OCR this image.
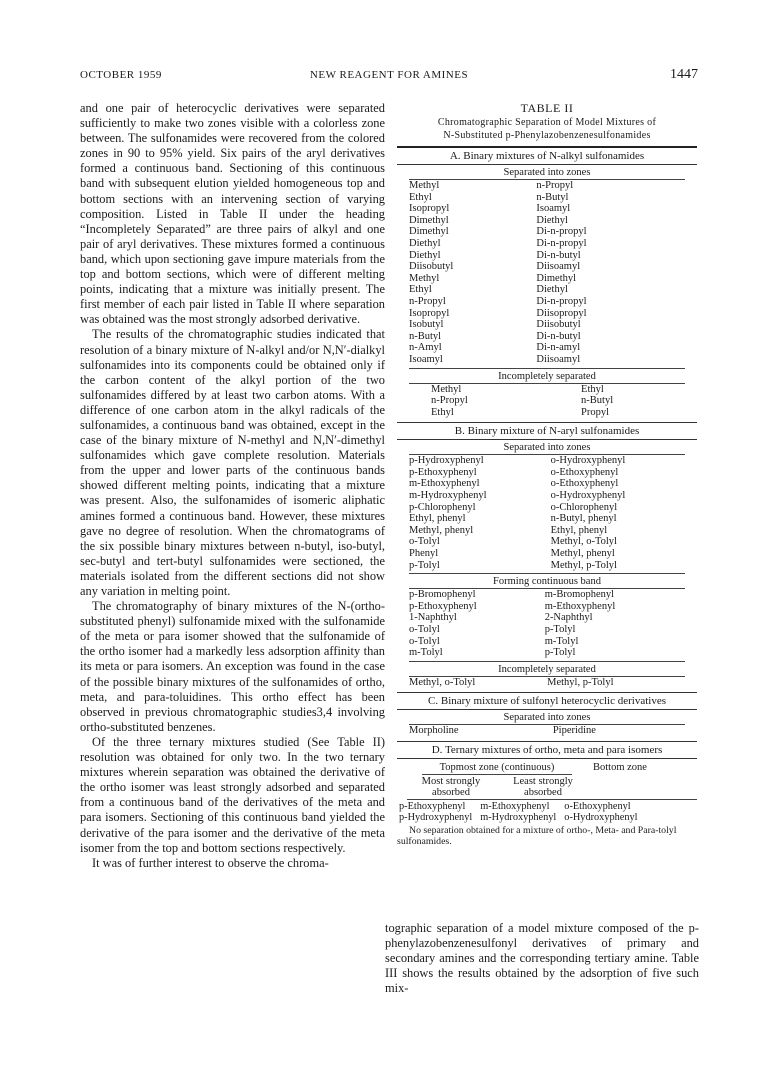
OCTOBER 1959	NEW REAGENT FOR AMINES	1447

and one pair of heterocyclic derivatives were separated sufficiently to make two zones visible with a colorless zone between. The sulfonamides were recovered from the colored zones in 90 to 95% yield. Six pairs of the aryl derivatives formed a continuous band. Sectioning of this continuous band with subsequent elution yielded homogeneous top and bottom sections with an intervening section of varying composition. Listed in Table II under the heading “Incompletely Separated” are three pairs of alkyl and one pair of aryl derivatives. These mixtures formed a continuous band, which upon sectioning gave impure materials from the top and bottom sections, which were of different melting points, indicating that a mixture was initially present. The first member of each pair listed in Table II where separation was obtained was the most strongly adsorbed derivative.

The results of the chromatographic studies indicated that resolution of a binary mixture of N-alkyl and/or N,N′-dialkyl sulfonamides into its components could be obtained only if the carbon content of the alkyl portion of the two sulfonamides differed by at least two carbon atoms. With a difference of one carbon atom in the alkyl radicals of the sulfonamides, a continuous band was obtained, except in the case of the binary mixture of N-methyl and N,N′-dimethyl sulfonamides which gave complete resolution. Materials from the upper and lower parts of the continuous bands showed different melting points, indicating that a mixture was present. Also, the sulfonamides of isomeric aliphatic amines formed a continuous band. However, these mixtures gave no degree of resolution. When the chromatograms of the six possible binary mixtures between n-butyl, iso-butyl, sec-butyl and tert-butyl sulfonamides were sectioned, the materials isolated from the different sections did not show any variation in melting point.

The chromatography of binary mixtures of the N-(ortho-substituted phenyl) sulfonamide mixed with the sulfonamide of the meta or para isomer showed that the sulfonamide of the ortho isomer had a markedly less adsorption affinity than its meta or para isomers. An exception was found in the case of the possible binary mixtures of the sulfonamides of ortho, meta, and para-toluidines. This ortho effect has been observed in previous chromatographic studies3,4 involving ortho-substituted benzenes.

Of the three ternary mixtures studied (See Table II) resolution was obtained for only two. In the two ternary mixtures wherein separation was obtained the derivative of the ortho isomer was least strongly adsorbed and separated from a continuous band of the derivatives of the meta and para isomers. Sectioning of this continuous band yielded the derivative of the para isomer and the derivative of the meta isomer from the top and bottom sections respectively.

It was of further interest to observe the chroma-

TABLE II
Chromatographic Separation of Model Mixtures of
N-Substituted p-Phenylazobenzenesulfonamides
A. Binary mixtures of N-alkyl sulfonamides
Separated into zones
Methyl	n-Propyl
Ethyl	n-Butyl
Isopropyl	Isoamyl
Dimethyl	Diethyl
Dimethyl	Di-n-propyl
Diethyl	Di-n-propyl
Diethyl	Di-n-butyl
Diisobutyl	Diisoamyl
Methyl	Dimethyl
Ethyl	Diethyl
n-Propyl	Di-n-propyl
Isopropyl	Diisopropyl
Isobutyl	Diisobutyl
n-Butyl	Di-n-butyl
n-Amyl	Di-n-amyl
Isoamyl	Diisoamyl
Incompletely separated
Methyl	Ethyl
n-Propyl	n-Butyl
Ethyl	Propyl
B. Binary mixture of N-aryl sulfonamides
Separated into zones
p-Hydroxyphenyl	o-Hydroxyphenyl
p-Ethoxyphenyl	o-Ethoxyphenyl
m-Ethoxyphenyl	o-Ethoxyphenyl
m-Hydroxyphenyl	o-Hydroxyphenyl
p-Chlorophenyl	o-Chlorophenyl
Ethyl, phenyl	n-Butyl, phenyl
Methyl, phenyl	Ethyl, phenyl
o-Tolyl	Methyl, o-Tolyl
Phenyl	Methyl, phenyl
p-Tolyl	Methyl, p-Tolyl
Forming continuous band
p-Bromophenyl	m-Bromophenyl
p-Ethoxyphenyl	m-Ethoxyphenyl
1-Naphthyl	2-Naphthyl
o-Tolyl	p-Tolyl
o-Tolyl	m-Tolyl
m-Tolyl	p-Tolyl
Incompletely separated
Methyl, o-Tolyl	Methyl, p-Tolyl
C. Binary mixture of sulfonyl heterocyclic derivatives
Separated into zones
Morpholine	Piperidine
D. Ternary mixtures of ortho, meta and para isomers
Topmost zone (continuous)	Bottom zone
Most strongly
absorbed
Least strongly
absorbed
p-Ethoxyphenyl	m-Ethoxyphenyl	o-Ethoxyphenyl
p-Hydroxyphenyl	m-Hydroxyphenyl	o-Hydroxyphenyl
No separation obtained for a mixture of ortho-, Meta- and Para-tolyl sulfonamides.

tographic separation of a model mixture composed of the p-phenylazobenzenesulfonyl derivatives of primary and secondary amines and the corresponding tertiary amine. Table III shows the results obtained by the adsorption of five such mix-
